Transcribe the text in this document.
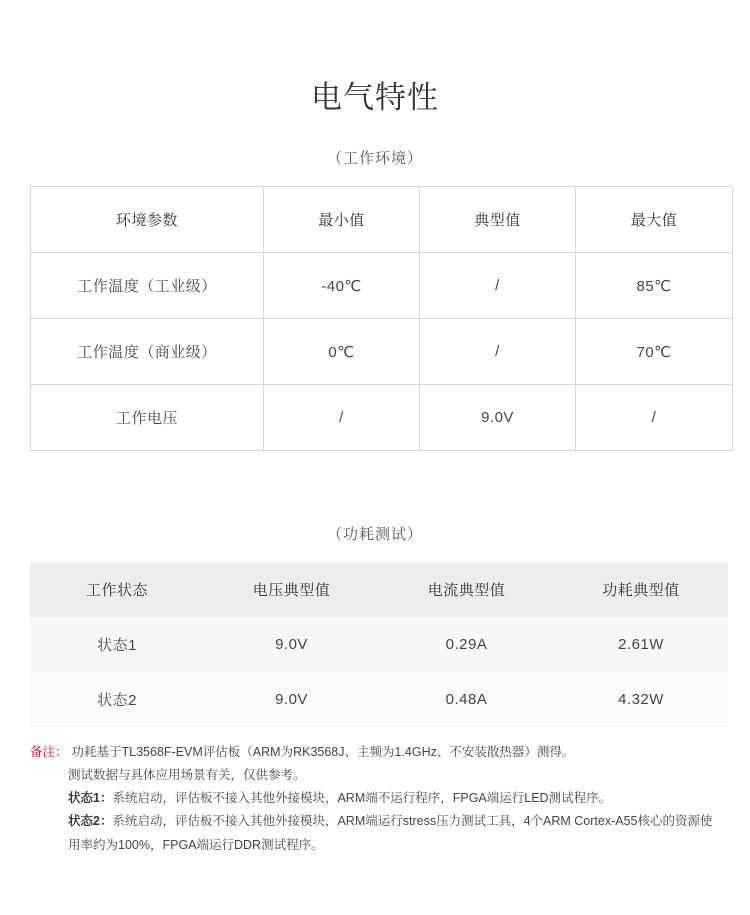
电气特性
（工作环境）
环境参数	最小值	典型值	最大值
工作温度（工业级）	-40℃	/	85℃
工作温度（商业级）	0℃	/	70℃
工作电压	/	9.0V	/
（功耗测试）
工作状态	电压典型值	电流典型值	功耗典型值
状态1	9.0V	0.29A	2.61W
状态2	9.0V	0.48A	4.32W
备注： 功耗基于TL3568F-EVM评估板（ARM为RK3568J、主频为1.4GHz、不安装散热器）测得。
测试数据与具体应用场景有关，仅供参考。
状态1：系统启动，评估板不接入其他外接模块，ARM端不运行程序，FPGA端运行LED测试程序。
状态2：系统启动，评估板不接入其他外接模块，ARM端运行stress压力测试工具，4个ARM Cortex-A55核心的资源使用率约为100%，FPGA端运行DDR测试程序。
